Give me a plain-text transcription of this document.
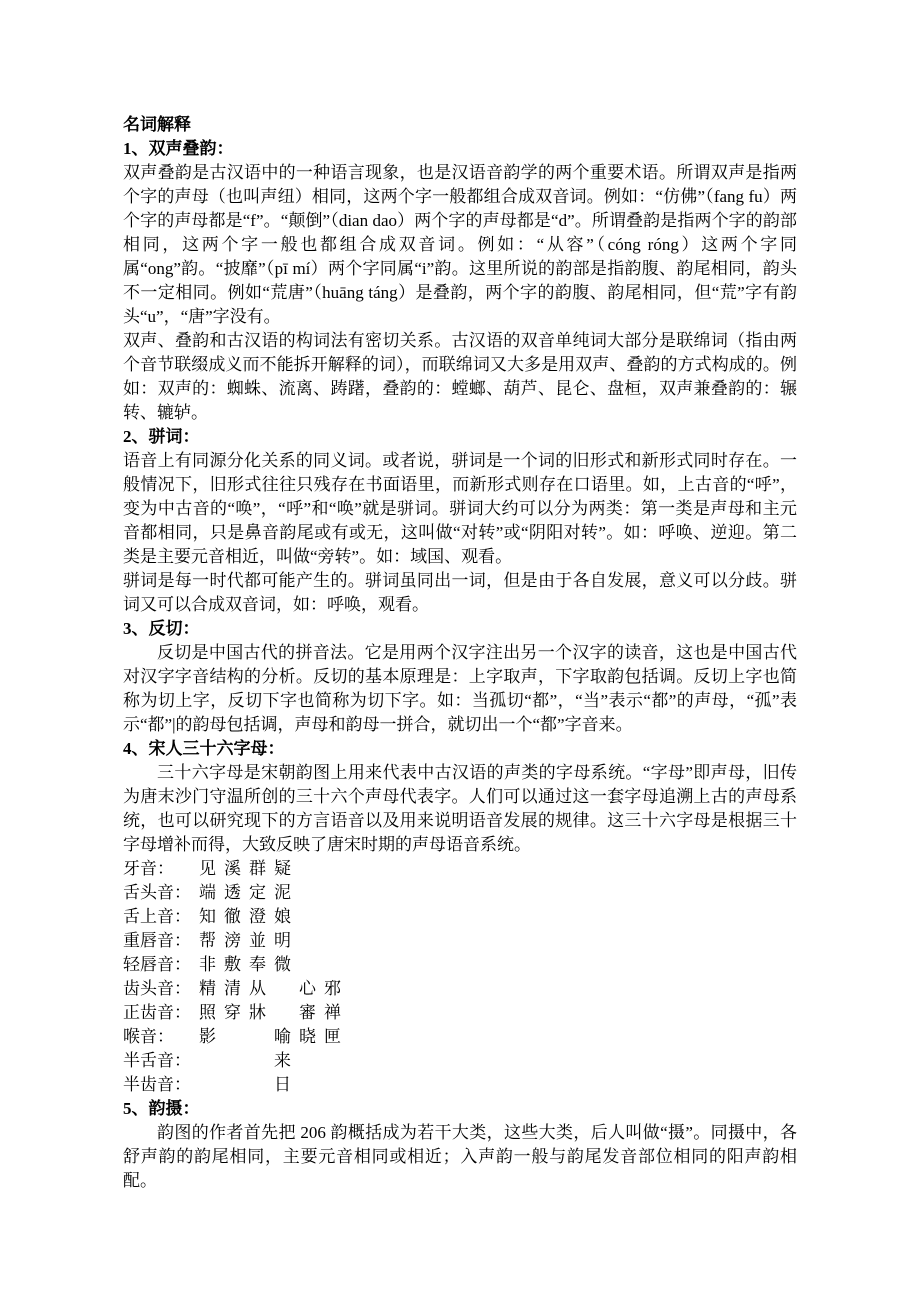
名词解释
1、双声叠韵：

双声叠韵是古汉语中的一种语言现象，也是汉语音韵学的两个重要术语。所谓双声是指两个字的声母（也叫声纽）相同，这两个字一般都组合成双音词。例如：“仿佛”（fang fu）两个字的声母都是“f”。“颠倒”（dian dao）两个字的声母都是“d”。所谓叠韵是指两个字的韵部相同，这两个字一般也都组合成双音词。例如：“从容”（cóng róng）这两个字同属“ong”韵。“披靡”（pī mí）两个字同属“i”韵。这里所说的韵部是指韵腹、韵尾相同，韵头不一定相同。例如“荒唐”（huāng táng）是叠韵，两个字的韵腹、韵尾相同，但“荒”字有韵头“u”，“唐”字没有。

双声、叠韵和古汉语的构词法有密切关系。古汉语的双音单纯词大部分是联绵词（指由两个音节联缀成义而不能拆开解释的词），而联绵词又大多是用双声、叠韵的方式构成的。例如：双声的：蜘蛛、流离、踌躇，叠韵的：螳螂、葫芦、昆仑、盘桓，双声兼叠韵的：辗转、辘轳。

2、骈词：

语音上有同源分化关系的同义词。或者说，骈词是一个词的旧形式和新形式同时存在。一般情况下，旧形式往往只残存在书面语里，而新形式则存在口语里。如，上古音的“呼”，变为中古音的“唤”，“呼”和“唤”就是骈词。骈词大约可以分为两类：第一类是声母和主元音都相同，只是鼻音韵尾或有或无，这叫做“对转”或“阴阳对转”。如：呼唤、逆迎。第二类是主要元音相近，叫做“旁转”。如：域国、观看。

骈词是每一时代都可能产生的。骈词虽同出一词，但是由于各自发展，意义可以分歧。骈词又可以合成双音词，如：呼唤，观看。

3、反切：

反切是中国古代的拼音法。它是用两个汉字注出另一个汉字的读音，这也是中国古代对汉字字音结构的分析。反切的基本原理是：上字取声，下字取韵包括调。反切上字也简称为切上字，反切下字也简称为切下字。如：当孤切“都”，“当”表示“都”的声母，“孤”表示“都”|的韵母包括调，声母和韵母一拼合，就切出一个“都”字音来。

4、宋人三十六字母：

三十六字母是宋朝韵图上用来代表中古汉语的声类的字母系统。“字母”即声母，旧传为唐末沙门守温所创的三十六个声母代表字。人们可以通过这一套字母追溯上古的声母系统，也可以研究现下的方言语音以及用来说明语音发展的规律。这三十六字母是根据三十字母增补而得，大致反映了唐宋时期的声母语音系统。

牙音：	见 溪 群 疑
舌头音： 端 透 定 泥
舌上音： 知 徹 澄 娘
重唇音： 帮 滂 並 明
轻唇音： 非 敷 奉 微
齿头音： 精 清 从	心 邪
正齿音： 照 穿 牀	審 禅
喉音：	影	喻 晓 匣
半舌音：	来
半齿音：	日
5、韵摄：

韵图的作者首先把 206 韵概括成为若干大类，这些大类，后人叫做“摄”。同摄中，各舒声韵的韵尾相同，主要元音相同或相近；入声韵一般与韵尾发音部位相同的阳声韵相配。
